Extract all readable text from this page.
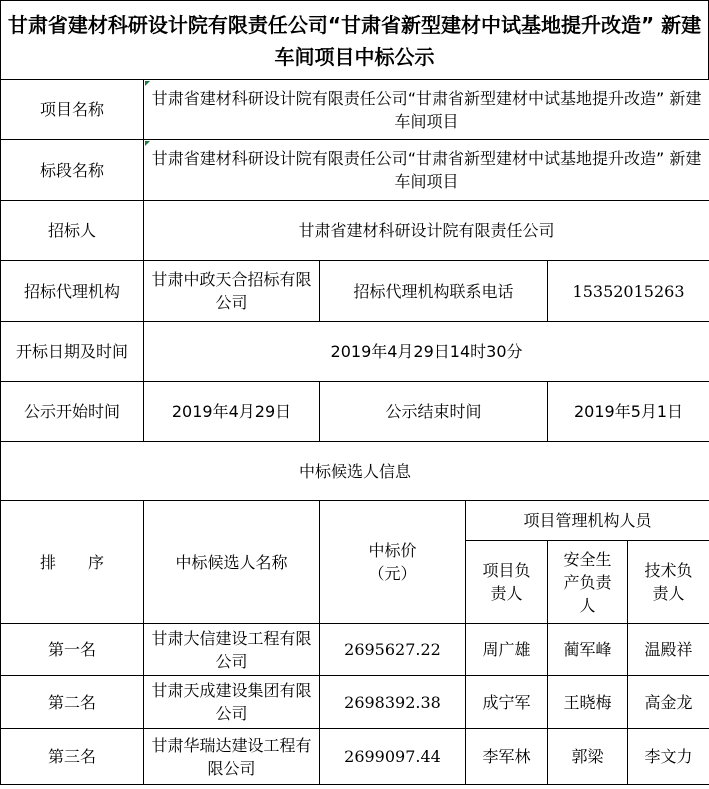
甘肃省建材科研设计院有限责任公司“甘肃省新型建材中试基地提升改造” 新建车间项目中标公示
项目名称	甘肃省建材科研设计院有限责任公司“甘肃省新型建材中试基地提升改造” 新建车间项目				
标段名称	甘肃省建材科研设计院有限责任公司“甘肃省新型建材中试基地提升改造” 新建车间项目				
招标人	甘肃省建材科研设计院有限责任公司				
招标代理机构	甘肃中政天合招标有限公司	招标代理机构联系电话		15352015263	
开标日期及时间	2019年4月29日14时30分				
公示开始时间	2019年4月29日	公示结束时间		2019年5月1日	
中标候选人信息					
排　　序	中标候选人名称	中标价（元）	项目管理机构人员		
			项目负责人	安全生产负责人	技术负责人
第一名	甘肃大信建设工程有限公司	2695627.22	周广雄	蔺军峰	温殿祥
第二名	甘肃天成建设集团有限公司	2698392.38	成宁军	王晓梅	高金龙
第三名	甘肃华瑞达建设工程有限公司	2699097.44	李军林	郭梁	李文力
